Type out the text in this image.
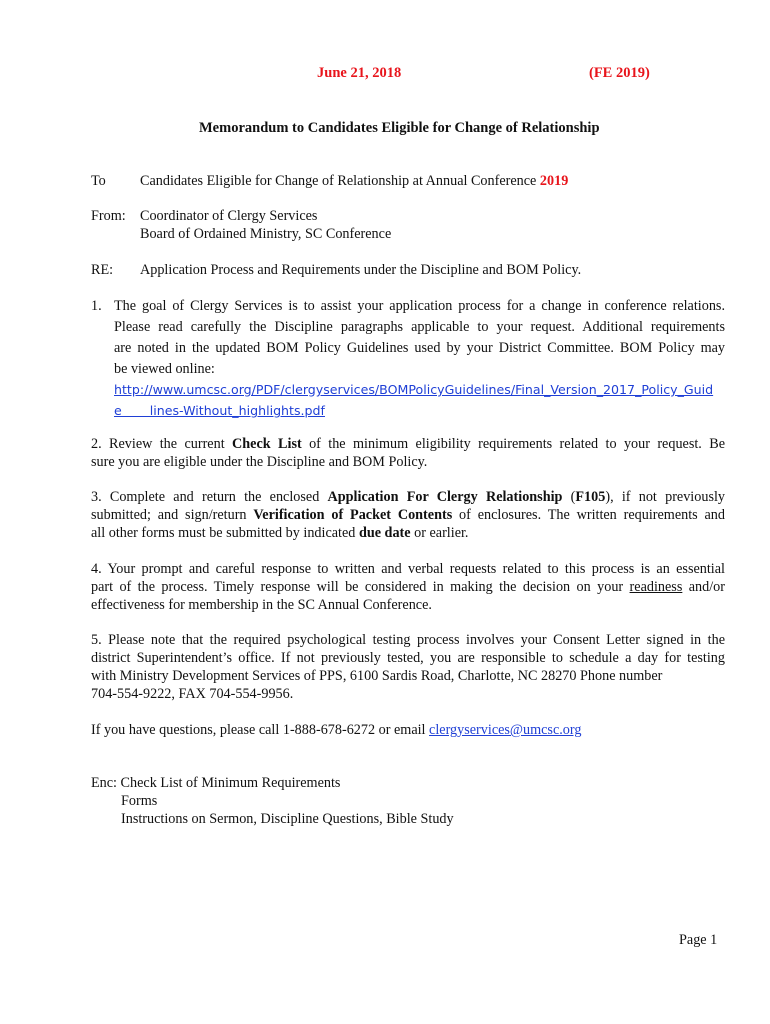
June 21, 2018	(FE 2019)
Memorandum to Candidates Eligible for Change of Relationship
To Candidates Eligible for Change of Relationship at Annual Conference 2019
From: Coordinator of Clergy Services
Board of Ordained Ministry, SC Conference
RE: Application Process and Requirements under the Discipline and BOM Policy.
1. The goal of Clergy Services is to assist your application process for a change in conference relations.
Please read carefully the Discipline paragraphs applicable to your request. Additional requirements
are noted in the updated BOM Policy Guidelines used by your District Committee. BOM Policy may
be viewed online:
http://www.umcsc.org/PDF/clergyservices/BOMPolicyGuidelines/Final_Version_2017_Policy_Guid
e       lines-Without_highlights.pdf
2. Review the current Check List of the minimum eligibility requirements related to your request. Be
sure you are eligible under the Discipline and BOM Policy.
3. Complete and return the enclosed Application For Clergy Relationship (F105), if not previously
submitted; and sign/return Verification of Packet Contents of enclosures. The written requirements and
all other forms must be submitted by indicated due date or earlier.
4. Your prompt and careful response to written and verbal requests related to this process is an essential
part of the process. Timely response will be considered in making the decision on your readiness and/or
effectiveness for membership in the SC Annual Conference.
5. Please note that the required psychological testing process involves your Consent Letter signed in the
district Superintendent’s office. If not previously tested, you are responsible to schedule a day for testing
with Ministry Development Services of PPS, 6100 Sardis Road, Charlotte, NC 28270 Phone number
704-554-9222, FAX 704-554-9956.
If you have questions, please call 1-888-678-6272 or email clergyservices@umcsc.org
Enc: Check List of Minimum Requirements
Forms
Instructions on Sermon, Discipline Questions, Bible Study
Page 1
